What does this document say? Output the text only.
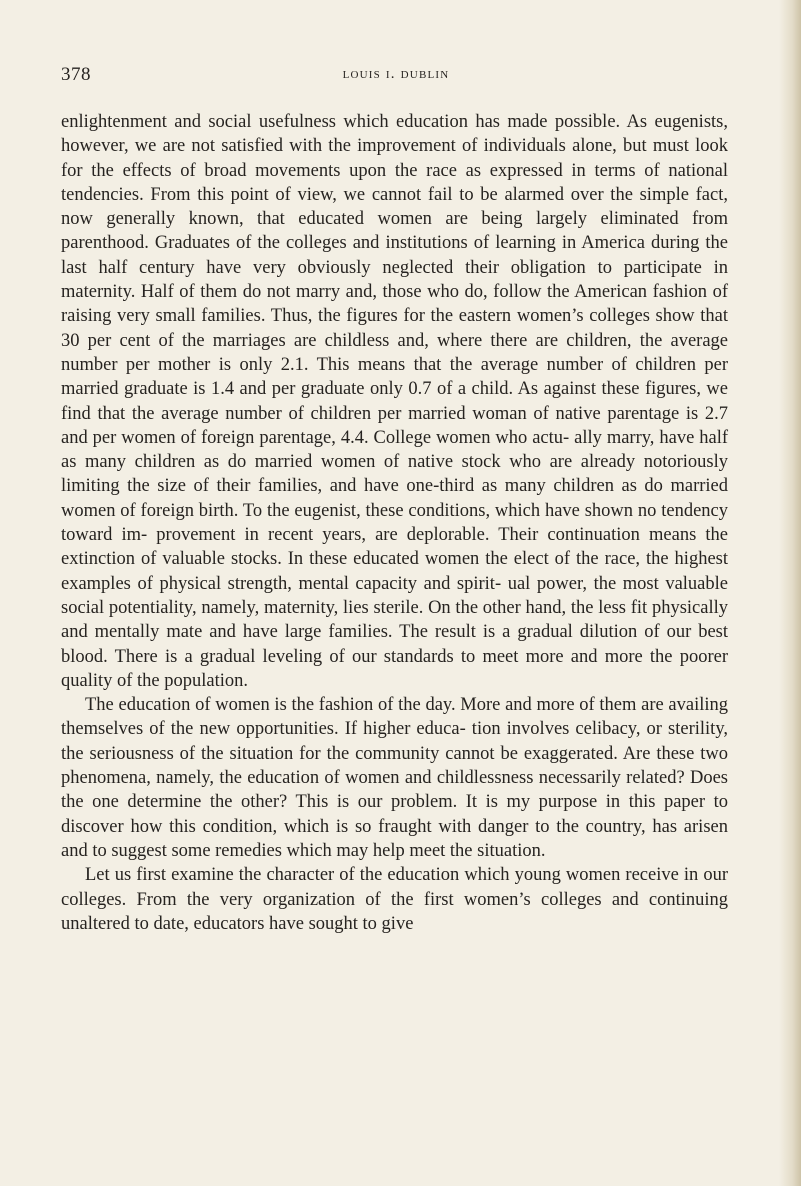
378	louis i. dublin

enlightenment and social usefulness which education has made possible. As eugenists, however, we are not satisfied with the improvement of individuals alone, but must look for the effects of broad movements upon the race as expressed in terms of national tendencies. From this point of view, we cannot fail to be alarmed over the simple fact, now generally known, that educated women are being largely eliminated from parenthood. Graduates of the colleges and institutions of learning in America during the last half century have very obviously neglected their obligation to participate in maternity. Half of them do not marry and, those who do, follow the American fashion of raising very small families. Thus, the figures for the eastern women’s colleges show that 30 per cent of the marriages are childless and, where there are children, the average number per mother is only 2.1. This means that the average number of children per married graduate is 1.4 and per graduate only 0.7 of a child. As against these figures, we find that the average number of children per married woman of native parentage is 2.7 and per women of foreign parentage, 4.4. College women who actu- ally marry, have half as many children as do married women of native stock who are already notoriously limiting the size of their families, and have one-third as many children as do married women of foreign birth. To the eugenist, these conditions, which have shown no tendency toward im- provement in recent years, are deplorable. Their continuation means the extinction of valuable stocks. In these educated women the elect of the race, the highest examples of physical strength, mental capacity and spirit- ual power, the most valuable social potentiality, namely, maternity, lies sterile. On the other hand, the less fit physically and mentally mate and have large families. The result is a gradual dilution of our best blood. There is a gradual leveling of our standards to meet more and more the poorer quality of the population.

The education of women is the fashion of the day. More and more of them are availing themselves of the new opportunities. If higher educa- tion involves celibacy, or sterility, the seriousness of the situation for the community cannot be exaggerated. Are these two phenomena, namely, the education of women and childlessness necessarily related? Does the one determine the other? This is our problem. It is my purpose in this paper to discover how this condition, which is so fraught with danger to the country, has arisen and to suggest some remedies which may help meet the situation.

Let us first examine the character of the education which young women receive in our colleges. From the very organization of the first women’s colleges and continuing unaltered to date, educators have sought to give
